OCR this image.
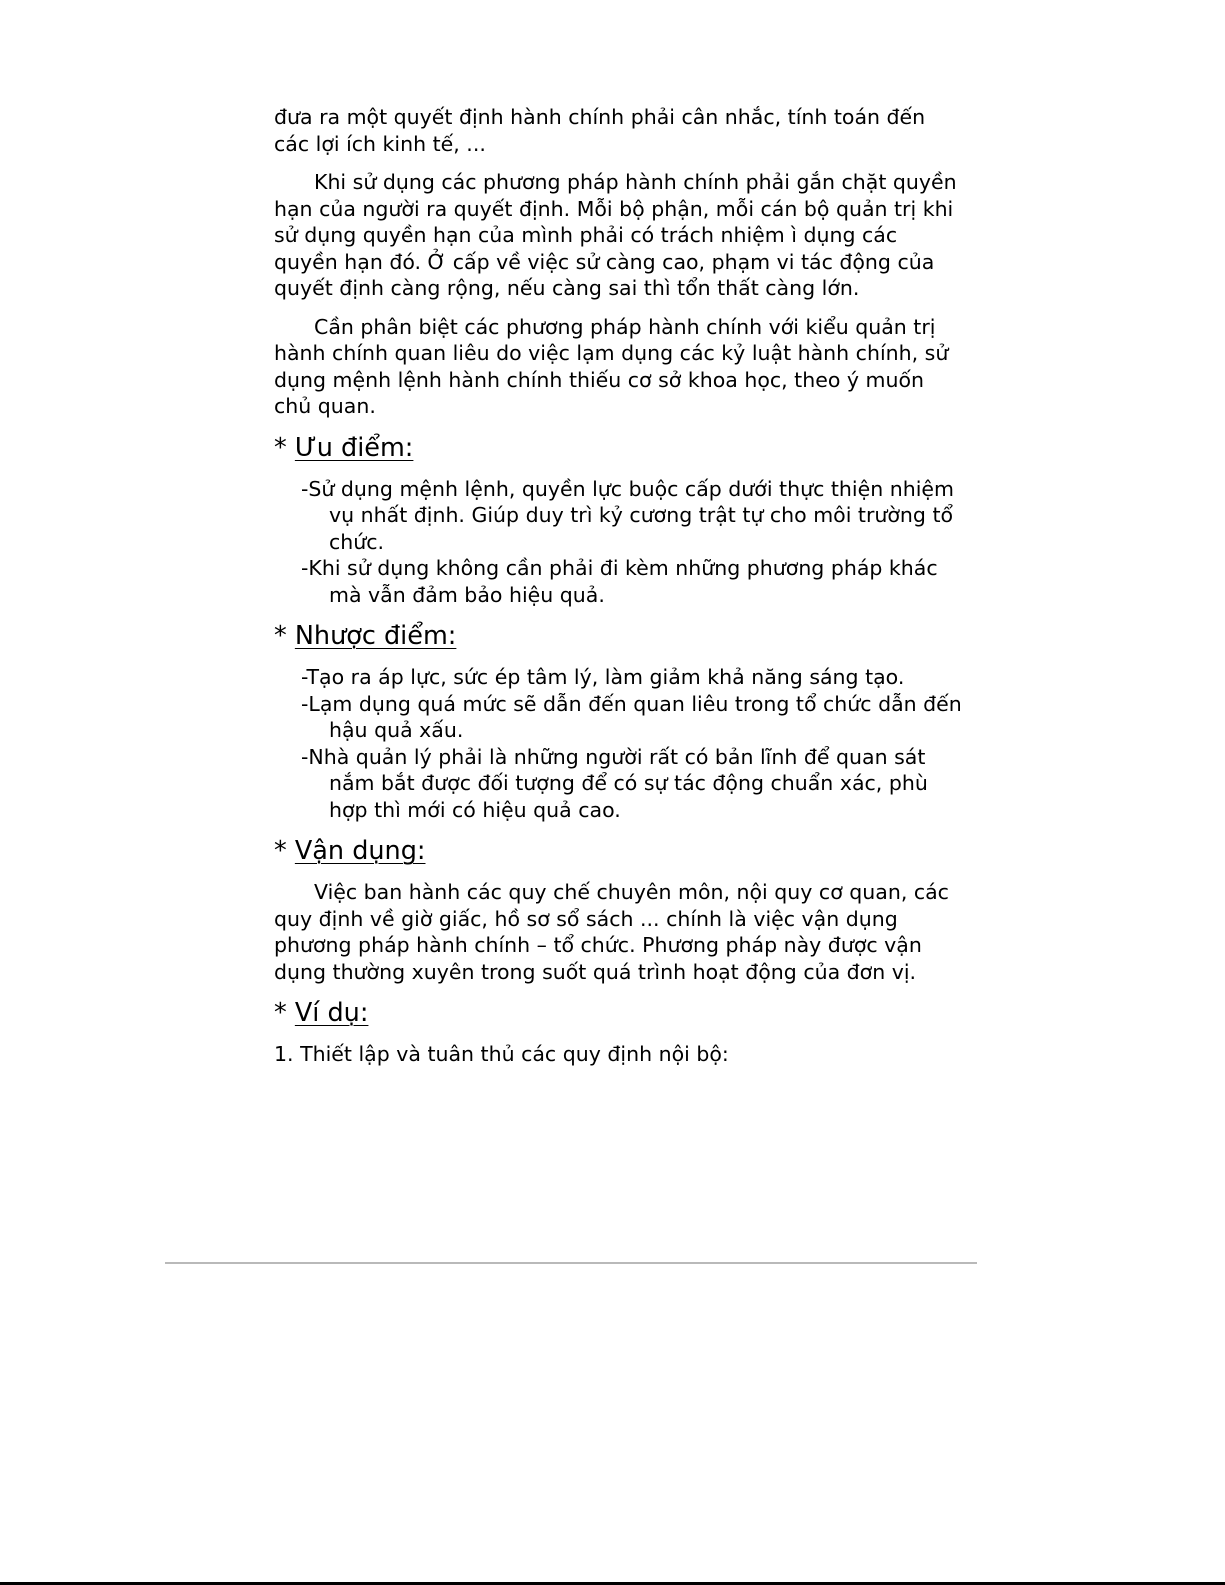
đưa ra một quyết định hành chính phải cân nhắc, tính toán đến các lợi ích kinh tế, ...

Khi sử dụng các phương pháp hành chính phải gắn chặt quyền hạn của người ra quyết định. Mỗi bộ phận, mỗi cán bộ quản trị khi sử dụng quyền hạn của mình phải có trách nhiệm ì dụng các quyền hạn đó. Ở cấp về việc sử càng cao, phạm vi tác động của quyết định càng rộng, nếu càng sai thì tổn thất càng lớn.

Cần phân biệt các phương pháp hành chính với kiểu quản trị hành chính quan liêu do việc lạm dụng các kỷ luật hành chính, sử dụng mệnh lệnh hành chính thiếu cơ sở khoa học, theo ý muốn chủ quan.

* Ưu điểm:

-Sử dụng mệnh lệnh, quyền lực buộc cấp dưới thực thiện nhiệm vụ nhất định. Giúp duy trì kỷ cương trật tự cho môi trường tổ chức.
-Khi sử dụng không cần phải đi kèm những phương pháp khác mà vẫn đảm bảo hiệu quả.

* Nhược điểm:

-Tạo ra áp lực, sức ép tâm lý, làm giảm khả năng sáng tạo.
-Lạm dụng quá mức sẽ dẫn đến quan liêu trong tổ chức dẫn đến hậu quả xấu.
-Nhà quản lý phải là những người rất có bản lĩnh để quan sát nắm bắt được đối tượng để có sự tác động chuẩn xác, phù hợp thì mới có hiệu quả cao.

* Vận dụng:

Việc ban hành các quy chế chuyên môn, nội quy cơ quan, các quy định về giờ giấc, hồ sơ sổ sách ... chính là việc vận dụng phương pháp hành chính – tổ chức. Phương pháp này được vận dụng thường xuyên trong suốt quá trình hoạt động của đơn vị.

* Ví dụ:

1. Thiết lập và tuân thủ các quy định nội bộ:
